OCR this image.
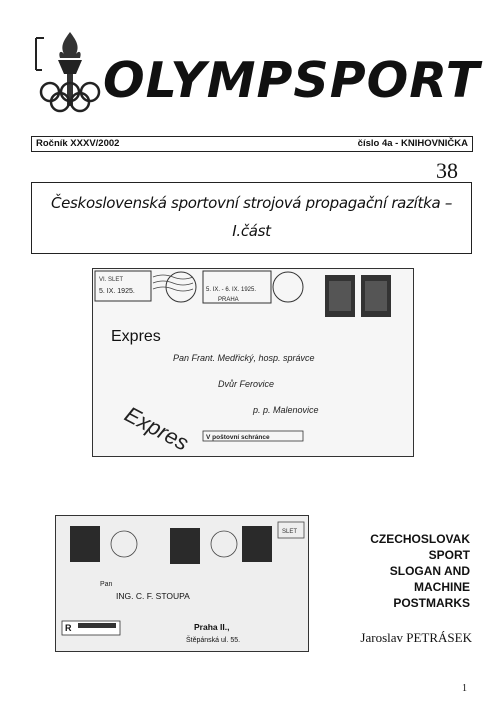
OLYMPSPORT
Ročník XXXV/2002	číslo 4a - KNIHOVNIČKA
38
Československá sportovní strojová propagační razítka –
I.část
VI. SLET
5. IX. 1925.	5. IX. - 6. IX. 1925.
PRAHA
Expres
Pan Frant. Medřický, hosp. správce
Dvůr Ferovice
p. p. Malenovice
Expres V poštovní schránce
SLET
Pan
ING. C. F. STOUPA
Praha II.,
Štěpánská ul. 55.
R
CZECHOSLOVAK
SPORT
SLOGAN AND
MACHINE
POSTMARKS
Jaroslav PETRÁSEK
1
